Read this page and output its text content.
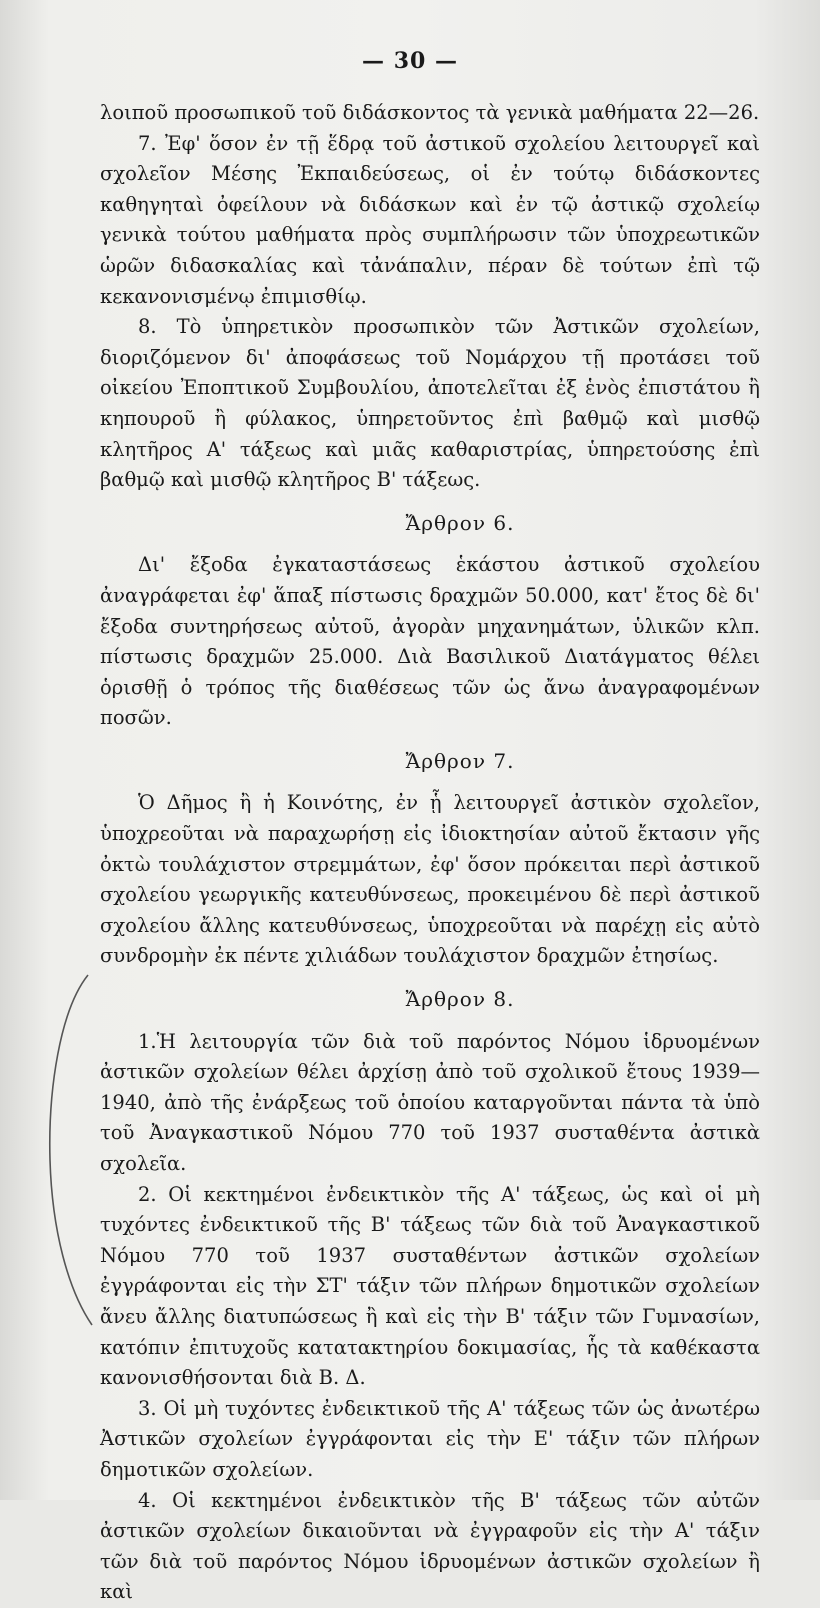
— 30 —

λοιποῦ προσωπικοῦ τοῦ διδάσκοντος τὰ γενικὰ μαθήματα 22—26.

7. Ἐφ' ὅσον ἐν τῇ ἕδρᾳ τοῦ ἀστικοῦ σχολείου λειτουργεῖ καὶ σχολεῖον Μέσης Ἐκπαιδεύσεως, οἱ ἐν τούτῳ διδάσκοντες καθηγηταὶ ὀφείλουν νὰ διδάσκων καὶ ἐν τῷ ἀστικῷ σχολείῳ γενικὰ τούτου μαθήματα πρὸς συμπλήρωσιν τῶν ὑποχρεωτικῶν ὡρῶν διδασκαλίας καὶ τἀνάπαλιν, πέραν δὲ τούτων ἐπὶ τῷ κεκανονισμένῳ ἐπιμισθίῳ.

8. Τὸ ὑπηρετικὸν προσωπικὸν τῶν Ἀστικῶν σχολείων, διοριζόμενον δι' ἀποφάσεως τοῦ Νομάρχου τῇ προτάσει τοῦ οἰκείου Ἐποπτικοῦ Συμβουλίου, ἀποτελεῖται ἐξ ἑνὸς ἐπιστάτου ἢ κηπουροῦ ἢ φύλακος, ὑπηρετοῦντος ἐπὶ βαθμῷ καὶ μισθῷ κλητῆρος Α' τάξεως καὶ μιᾶς καθαριστρίας, ὑπηρετούσης ἐπὶ βαθμῷ καὶ μισθῷ κλητῆρος Β' τάξεως.

Ἄρθρον 6.

Δι' ἔξοδα ἐγκαταστάσεως ἑκάστου ἀστικοῦ σχολείου ἀναγράφεται ἐφ' ἅπαξ πίστωσις δραχμῶν 50.000, κατ' ἔτος δὲ δι' ἔξοδα συντηρήσεως αὐτοῦ, ἀγορὰν μηχανημάτων, ὑλικῶν κλπ. πίστωσις δραχμῶν 25.000. Διὰ Βασιλικοῦ Διατάγματος θέλει ὁρισθῇ ὁ τρόπος τῆς διαθέσεως τῶν ὡς ἄνω ἀναγραφομένων ποσῶν.

Ἄρθρον 7.

Ὁ Δῆμος ἢ ἡ Κοινότης, ἐν ᾗ λειτουργεῖ ἀστικὸν σχολεῖον, ὑποχρεοῦται νὰ παραχωρήσῃ εἰς ἰδιοκτησίαν αὐτοῦ ἔκτασιν γῆς ὀκτὼ τουλάχιστον στρεμμάτων, ἐφ' ὅσον πρόκειται περὶ ἀστικοῦ σχολείου γεωργικῆς κατευθύνσεως, προκειμένου δὲ περὶ ἀστικοῦ σχολείου ἄλλης κατευθύνσεως, ὑποχρεοῦται νὰ παρέχῃ εἰς αὐτὸ συνδρομὴν ἐκ πέντε χιλιάδων τουλάχιστον δραχμῶν ἐτησίως.

Ἄρθρον 8.

1.Ἡ λειτουργία τῶν διὰ τοῦ παρόντος Νόμου ἱδρυομένων ἀστικῶν σχολείων θέλει ἀρχίσῃ ἀπὸ τοῦ σχολικοῦ ἔτους 1939—1940, ἀπὸ τῆς ἐνάρξεως τοῦ ὁποίου καταργοῦνται πάντα τὰ ὑπὸ τοῦ Ἀναγκαστικοῦ Νόμου 770 τοῦ 1937 συσταθέντα ἀστικὰ σχολεῖα.

2. Οἱ κεκτημένοι ἐνδεικτικὸν τῆς Α' τάξεως, ὡς καὶ οἱ μὴ τυχόντες ἐνδεικτικοῦ τῆς Β' τάξεως τῶν διὰ τοῦ Ἀναγκαστικοῦ Νόμου 770 τοῦ 1937 συσταθέντων ἀστικῶν σχολείων ἐγγράφονται εἰς τὴν ΣΤ' τάξιν τῶν πλήρων δημοτικῶν σχολείων ἄνευ ἄλλης διατυπώσεως ἢ καὶ εἰς τὴν Β' τάξιν τῶν Γυμνασίων, κατόπιν ἐπιτυχοῦς κατατακτηρίου δοκιμασίας, ἧς τὰ καθέκαστα κανονισθήσονται διὰ Β. Δ.

3. Οἱ μὴ τυχόντες ἐνδεικτικοῦ τῆς Α' τάξεως τῶν ὡς ἀνωτέρω Ἀστικῶν σχολείων ἐγγράφονται εἰς τὴν Ε' τάξιν τῶν πλήρων δημοτικῶν σχολείων.

4. Οἱ κεκτημένοι ἐνδεικτικὸν τῆς Β' τάξεως τῶν αὐτῶν ἀστικῶν σχολείων δικαιοῦνται νὰ ἐγγραφοῦν εἰς τὴν Α' τάξιν τῶν διὰ τοῦ παρόντος Νόμου ἱδρυομένων ἀστικῶν σχολείων ἢ καὶ
